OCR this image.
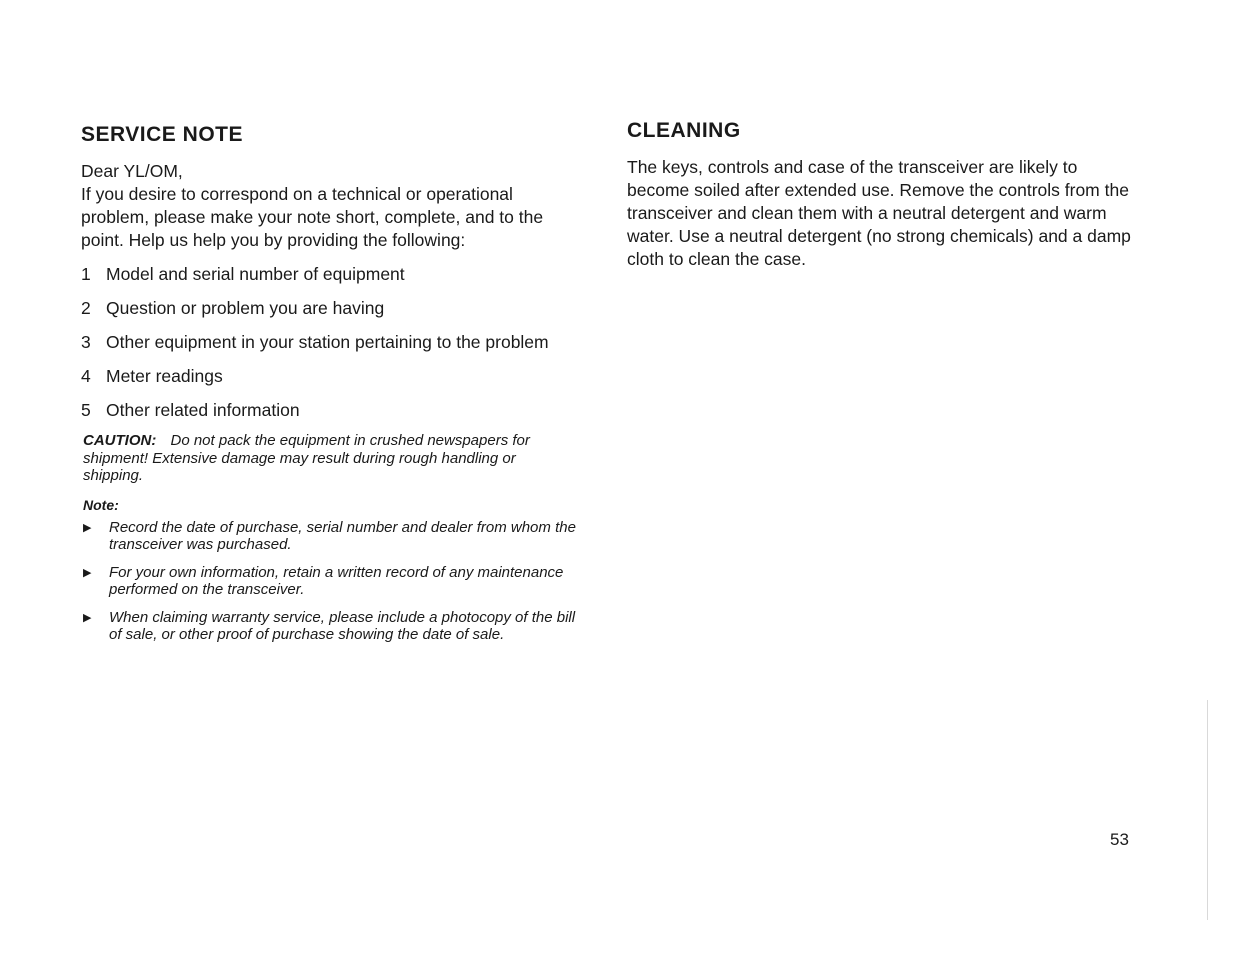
SERVICE NOTE

Dear YL/OM,

If you desire to correspond on a technical or operational problem, please make your note short, complete, and to the point. Help us help you by providing the following:

1 Model and serial number of equipment
2 Question or problem you are having
3 Other equipment in your station pertaining to the problem
4 Meter readings
5 Other related information

CAUTION: Do not pack the equipment in crushed newspapers for shipment! Extensive damage may result during rough handling or shipping.

Note:
▶	Record the date of purchase, serial number and dealer from whom the transceiver was purchased.
▶	For your own information, retain a written record of any maintenance performed on the transceiver.
▶	When claiming warranty service, please include a photocopy of the bill of sale, or other proof of purchase showing the date of sale.
CLEANING

The keys, controls and case of the transceiver are likely to become soiled after extended use. Remove the controls from the transceiver and clean them with a neutral detergent and warm water. Use a neutral detergent (no strong chemicals) and a damp cloth to clean the case.

53
